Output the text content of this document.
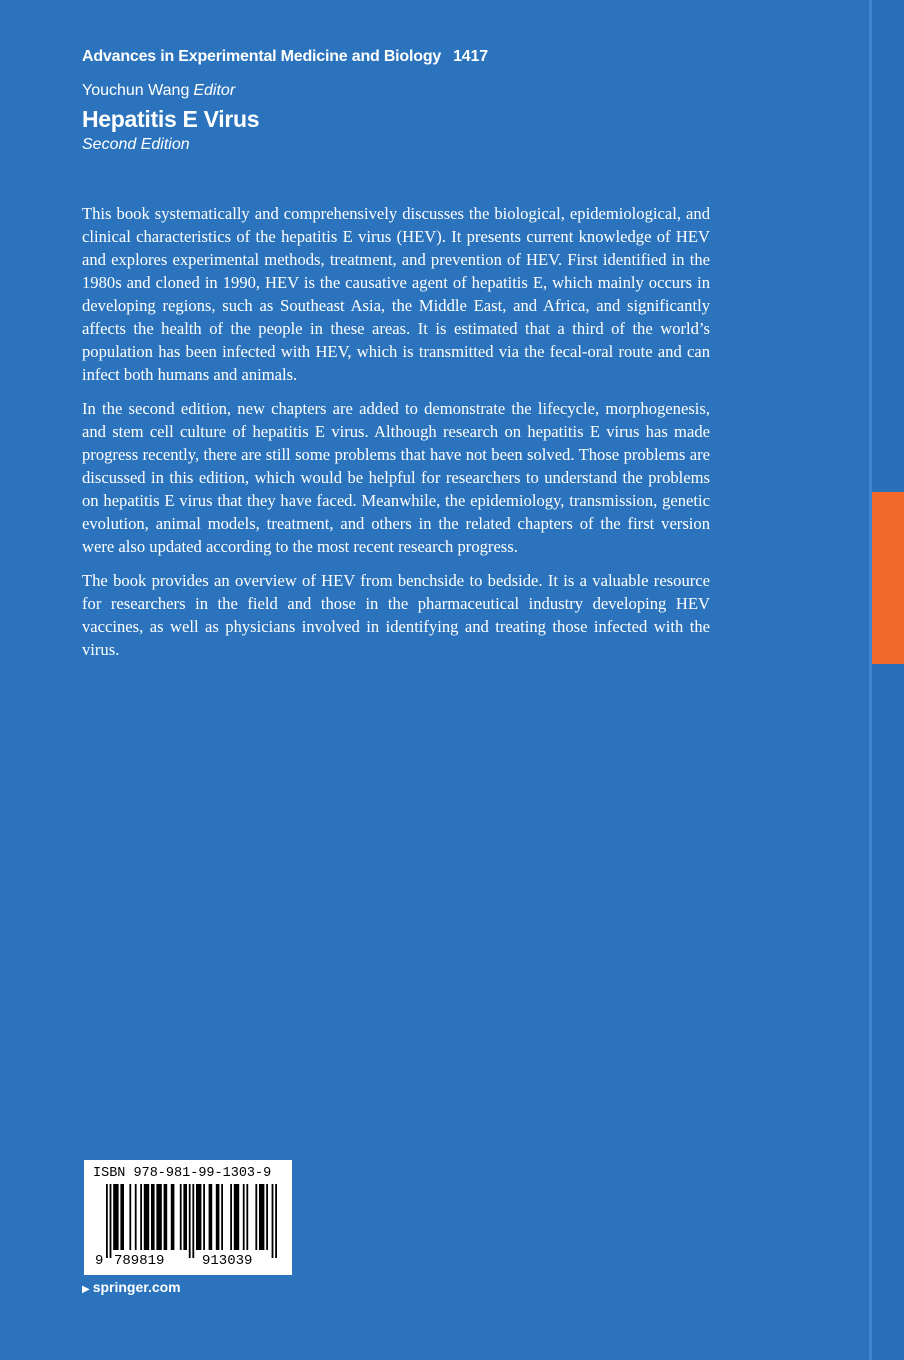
Advances in Experimental Medicine and Biology 1417
Youchun Wang Editor
Hepatitis E Virus
Second Edition

This book systematically and comprehensively discusses the biological, epidemiological, and clinical characteristics of the hepatitis E virus (HEV). It presents current knowledge of HEV and explores experimental methods, treatment, and prevention of HEV. First identified in the 1980s and cloned in 1990, HEV is the causative agent of hepatitis E, which mainly occurs in developing regions, such as Southeast Asia, the Middle East, and Africa, and significantly affects the health of the people in these areas. It is estimated that a third of the world’s population has been infected with HEV, which is transmitted via the fecal-oral route and can infect both humans and animals.

In the second edition, new chapters are added to demonstrate the lifecycle, morphogenesis, and stem cell culture of hepatitis E virus. Although research on hepatitis E virus has made progress recently, there are still some problems that have not been solved. Those problems are discussed in this edition, which would be helpful for researchers to understand the problems on hepatitis E virus that they have faced. Meanwhile, the epidemiology, transmission, genetic evolution, animal models, treatment, and others in the related chapters of the first version were also updated according to the most recent research progress.

The book provides an overview of HEV from benchside to bedside. It is a valuable resource for researchers in the field and those in the pharmaceutical industry developing HEV vaccines, as well as physicians involved in identifying and treating those infected with the virus.

ISBN 978-981-99-1303-9
9 789819	913039
▶ springer.com
